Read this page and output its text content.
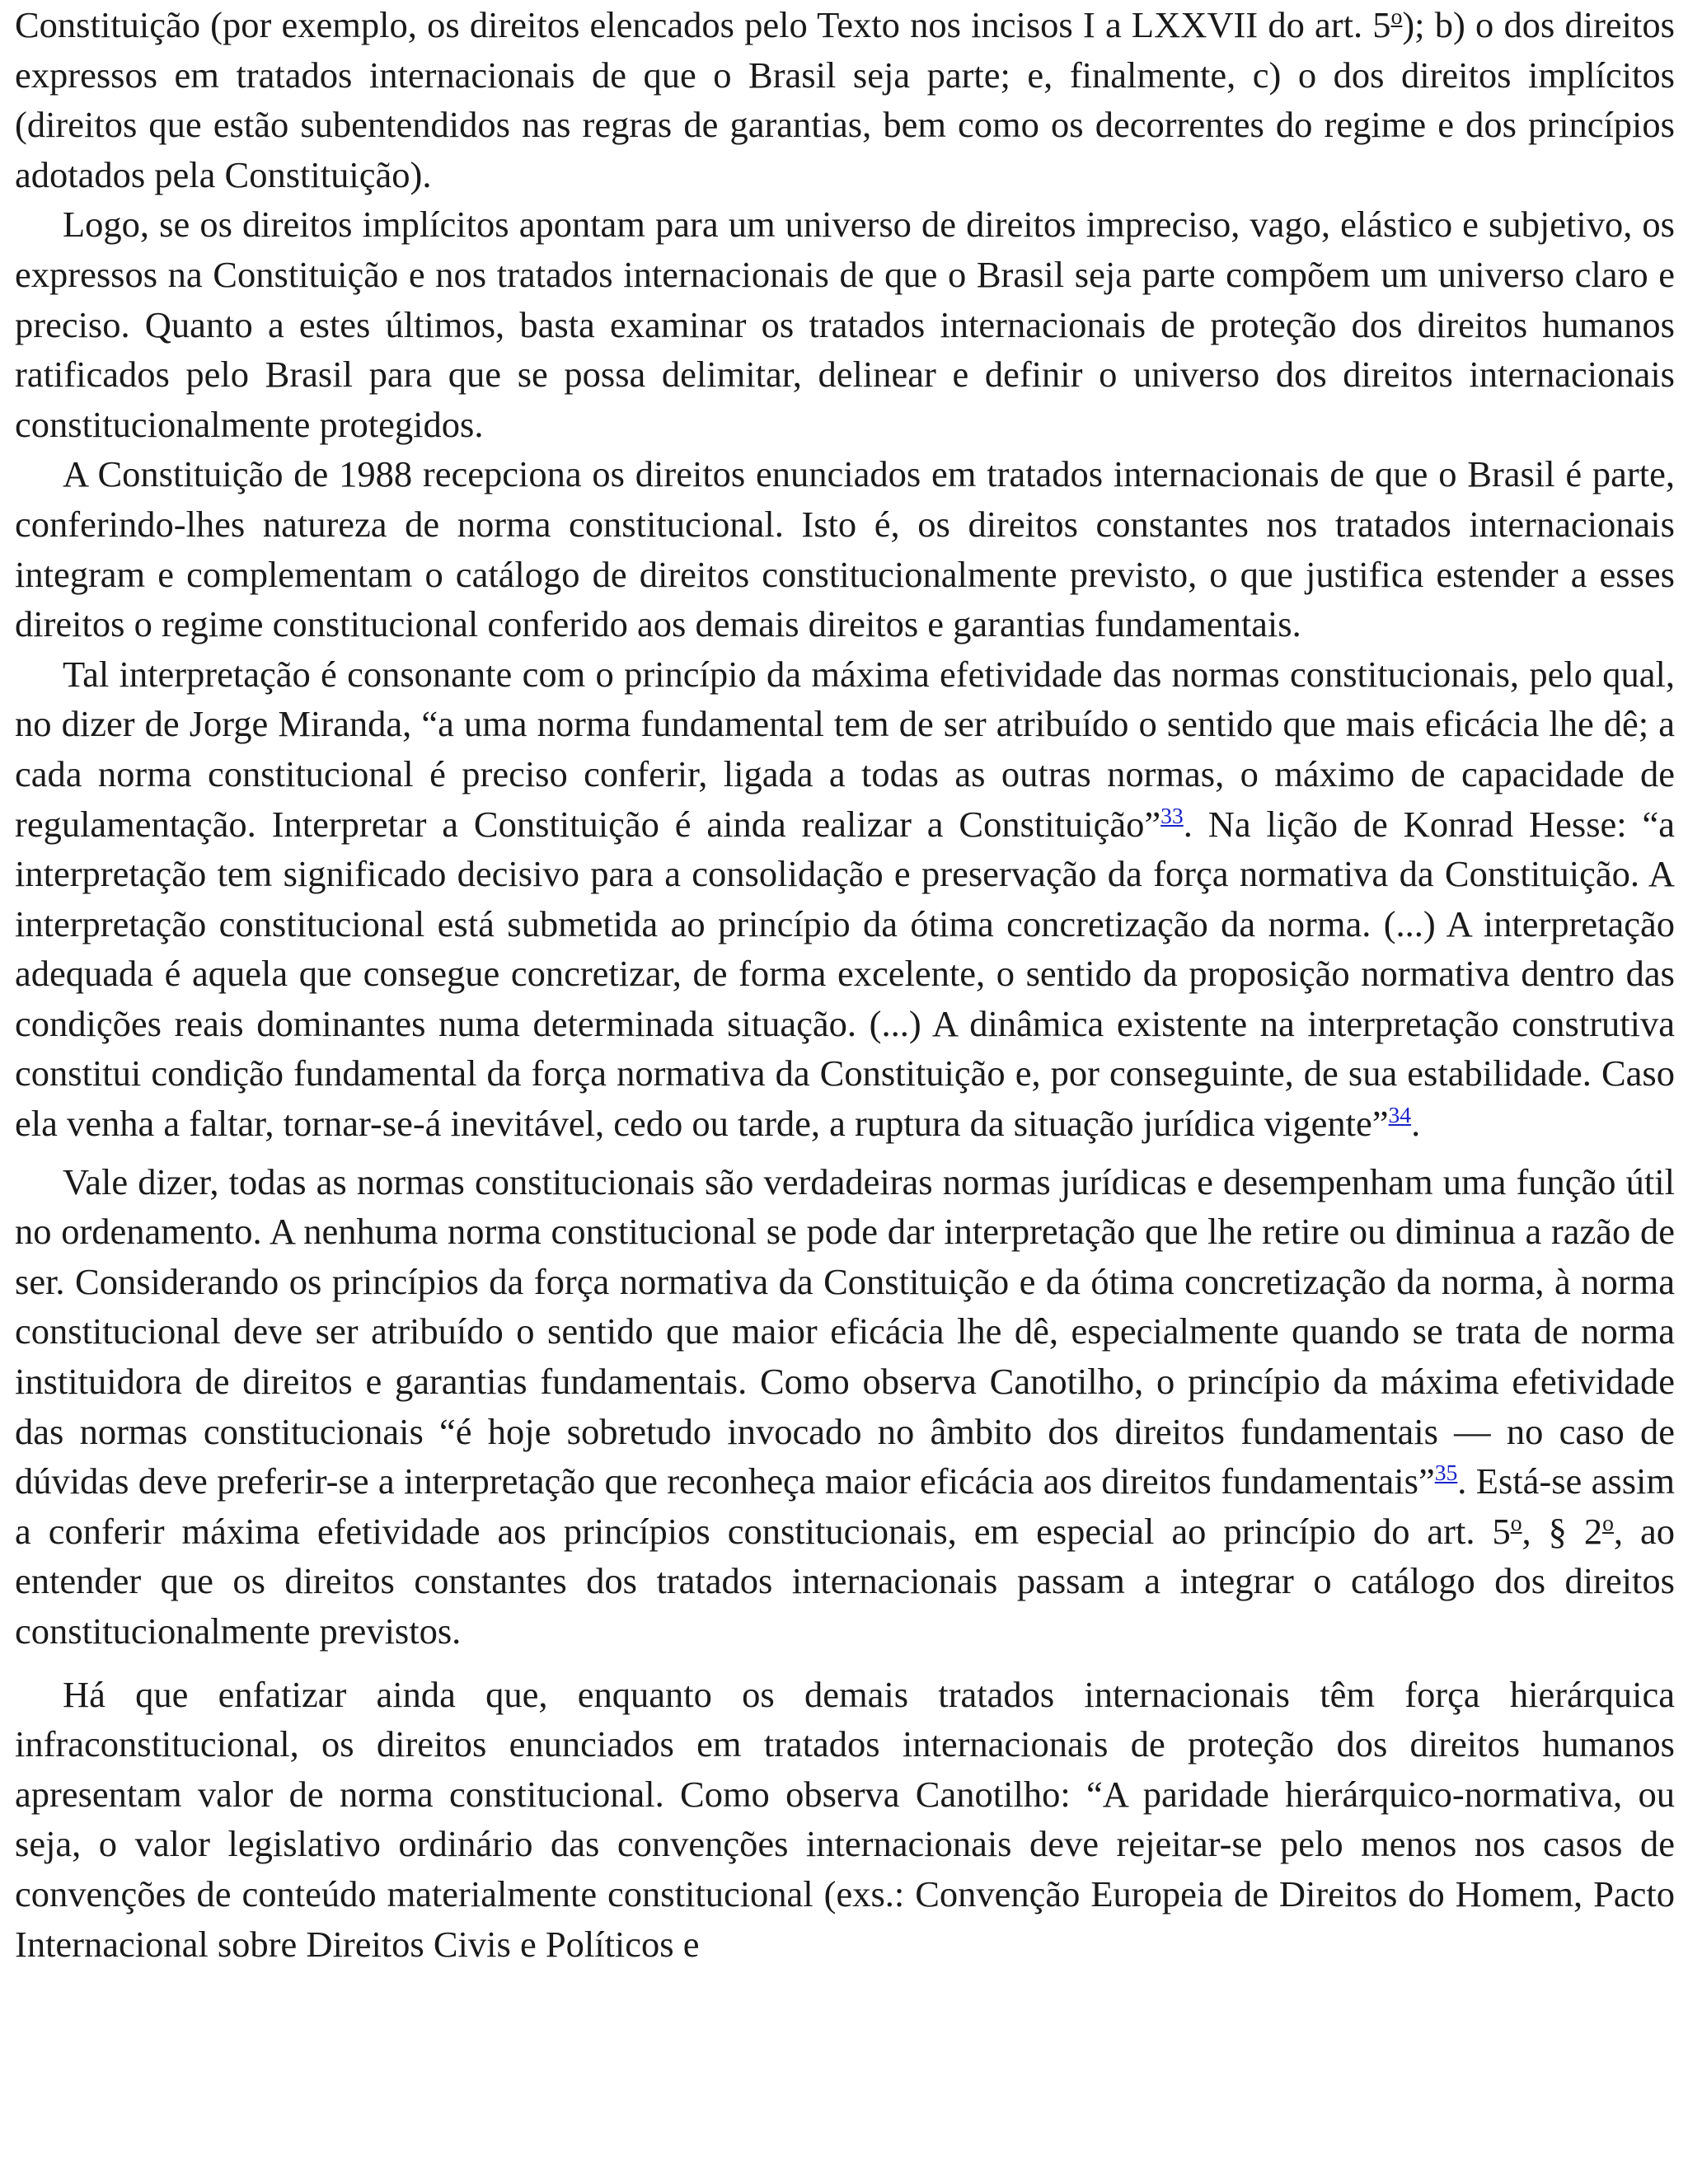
Constituição (por exemplo, os direitos elencados pelo Texto nos incisos I a LXXVII do art. 5$^o$); b) o dos direitos expressos em tratados internacionais de que o Brasil seja parte; e, finalmente, c) o dos direitos implícitos (direitos que estão subentendidos nas regras de garantias, bem como os decorrentes do regime e dos princípios adotados pela Constituição).

Logo, se os direitos implícitos apontam para um universo de direitos impreciso, vago, elástico e subjetivo, os expressos na Constituição e nos tratados internacionais de que o Brasil seja parte compõem um universo claro e preciso. Quanto a estes últimos, basta examinar os tratados internacionais de proteção dos direitos humanos ratificados pelo Brasil para que se possa delimitar, delinear e definir o universo dos direitos internacionais constitucionalmente protegidos.

A Constituição de 1988 recepciona os direitos enunciados em tratados internacionais de que o Brasil é parte, conferindo-lhes natureza de norma constitucional. Isto é, os direitos constantes nos tratados internacionais integram e complementam o catálogo de direitos constitucionalmente previsto, o que justifica estender a esses direitos o regime constitucional conferido aos demais direitos e garantias fundamentais.

Tal interpretação é consonante com o princípio da máxima efetividade das normas constitucionais, pelo qual, no dizer de Jorge Miranda, “a uma norma fundamental tem de ser atribuído o sentido que mais eficácia lhe dê; a cada norma constitucional é preciso conferir, ligada a todas as outras normas, o máximo de capacidade de regulamentação. Interpretar a Constituição é ainda realizar a Constituição”$^{33}$. Na lição de Konrad Hesse: “a interpretação tem significado decisivo para a consolidação e preservação da força normativa da Constituição. A interpretação constitucional está submetida ao princípio da ótima concretização da norma. (...) A interpretação adequada é aquela que consegue concretizar, de forma excelente, o sentido da proposição normativa dentro das condições reais dominantes numa determinada situação. (...) A dinâmica existente na interpretação construtiva constitui condição fundamental da força normativa da Constituição e, por conseguinte, de sua estabilidade. Caso ela venha a faltar, tornar-se-á inevitável, cedo ou tarde, a ruptura da situação jurídica vigente”$^{34}$.

Vale dizer, todas as normas constitucionais são verdadeiras normas jurídicas e desempenham uma função útil no ordenamento. A nenhuma norma constitucional se pode dar interpretação que lhe retire ou diminua a razão de ser. Considerando os princípios da força normativa da Constituição e da ótima concretização da norma, à norma constitucional deve ser atribuído o sentido que maior eficácia lhe dê, especialmente quando se trata de norma instituidora de direitos e garantias fundamentais. Como observa Canotilho, o princípio da máxima efetividade das normas constitucionais “é hoje sobretudo invocado no âmbito dos direitos fundamentais — no caso de dúvidas deve preferir-se a interpretação que reconheça maior eficácia aos direitos fundamentais”$^{35}$. Está-se assim a conferir máxima efetividade aos princípios constitucionais, em especial ao princípio do art. 5$^o$, § 2$^o$, ao entender que os direitos constantes dos tratados internacionais passam a integrar o catálogo dos direitos constitucionalmente previstos.

Há que enfatizar ainda que, enquanto os demais tratados internacionais têm força hierárquica infraconstitucional, os direitos enunciados em tratados internacionais de proteção dos direitos humanos apresentam valor de norma constitucional. Como observa Canotilho: “A paridade hierárquico-normativa, ou seja, o valor legislativo ordinário das convenções internacionais deve rejeitar-se pelo menos nos casos de convenções de conteúdo materialmente constitucional (exs.: Convenção Europeia de Direitos do Homem, Pacto Internacional sobre Direitos Civis e Políticos e
